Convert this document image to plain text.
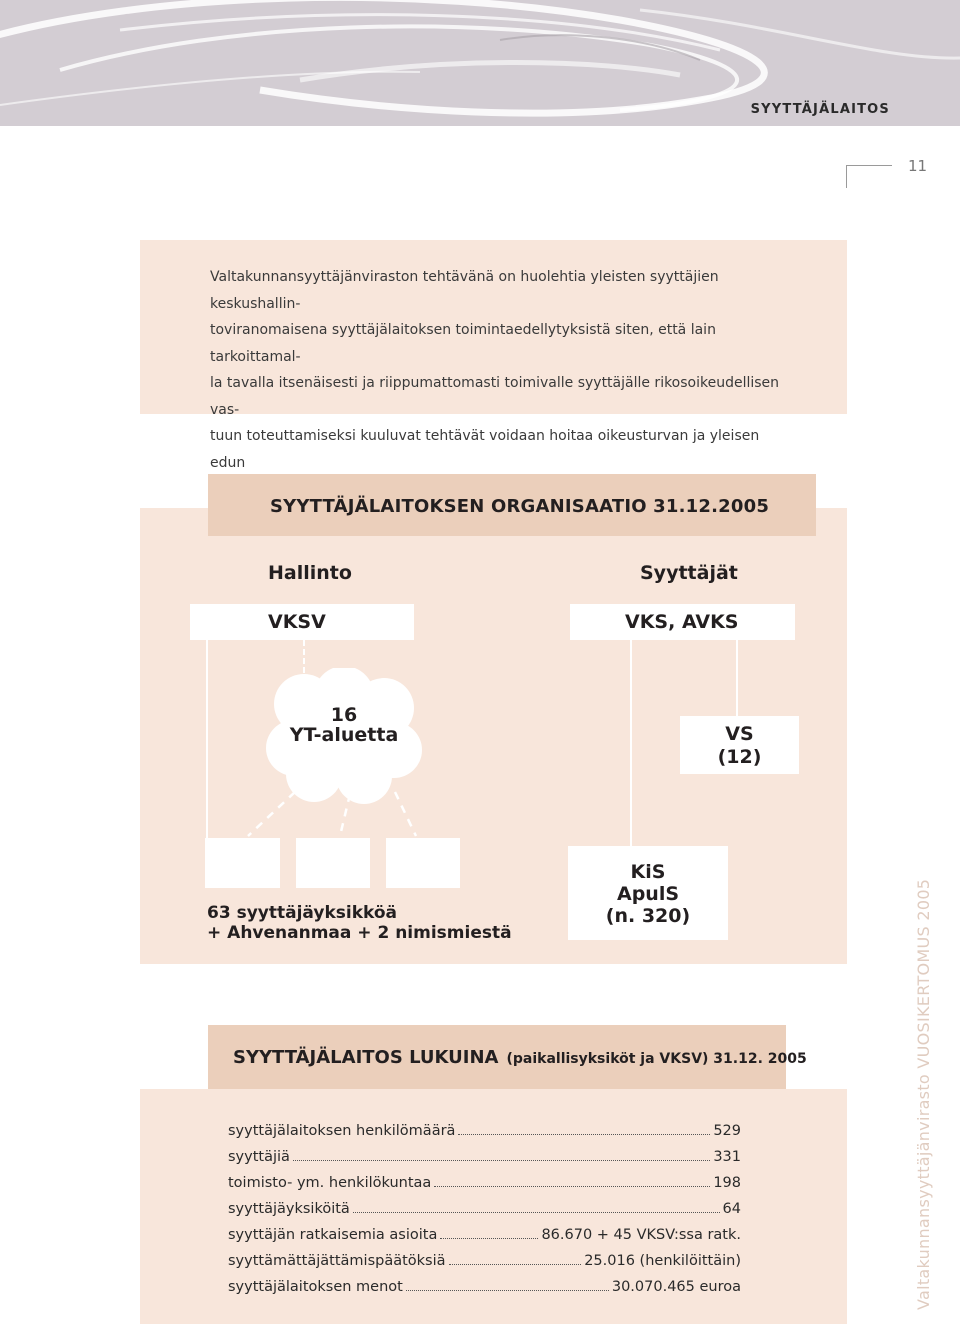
SYYTTÄJÄLAITOS
11
Valtakunnansyyttäjänviraston tehtävänä on huolehtia yleisten syyttäjien keskushallin-
toviranomaisena syyttäjälaitoksen toimintaedellytyksistä siten, että lain tarkoittamal-
la tavalla itsenäisesti ja riippumattomasti toimivalle syyttäjälle rikosoikeudellisen vas-
tuun toteuttamiseksi kuuluvat tehtävät voidaan hoitaa oikeusturvan ja yleisen edun
SYYTTÄJÄLAITOKSEN ORGANISAATIO 31.12.2005
Hallinto	Syyttäjät
VKSV	VKS, AVKS
16
YT-aluetta	VS
(12)
63 syyttäjäyksikköä
+ Ahvenanmaa + 2 nimismiestä
KiS
ApulS
(n. 320)
SYYTTÄJÄLAITOS LUKUINA (paikallisyksiköt ja VKSV) 31.12. 2005
syyttäjälaitoksen henkilömäärä	529
syyttäjiä	331
toimisto- ym. henkilökuntaa	198
syyttäjäyksiköitä	64
syyttäjän ratkaisemia asioita	86.670 + 45 VKSV:ssa ratk.
syyttämättäjättämispäätöksiä	25.016 (henkilöittäin)
syyttäjälaitoksen menot	30.070.465 euroa	Valtakunnansyyttäjänvirasto VUOSIKERTOMUS 2005
